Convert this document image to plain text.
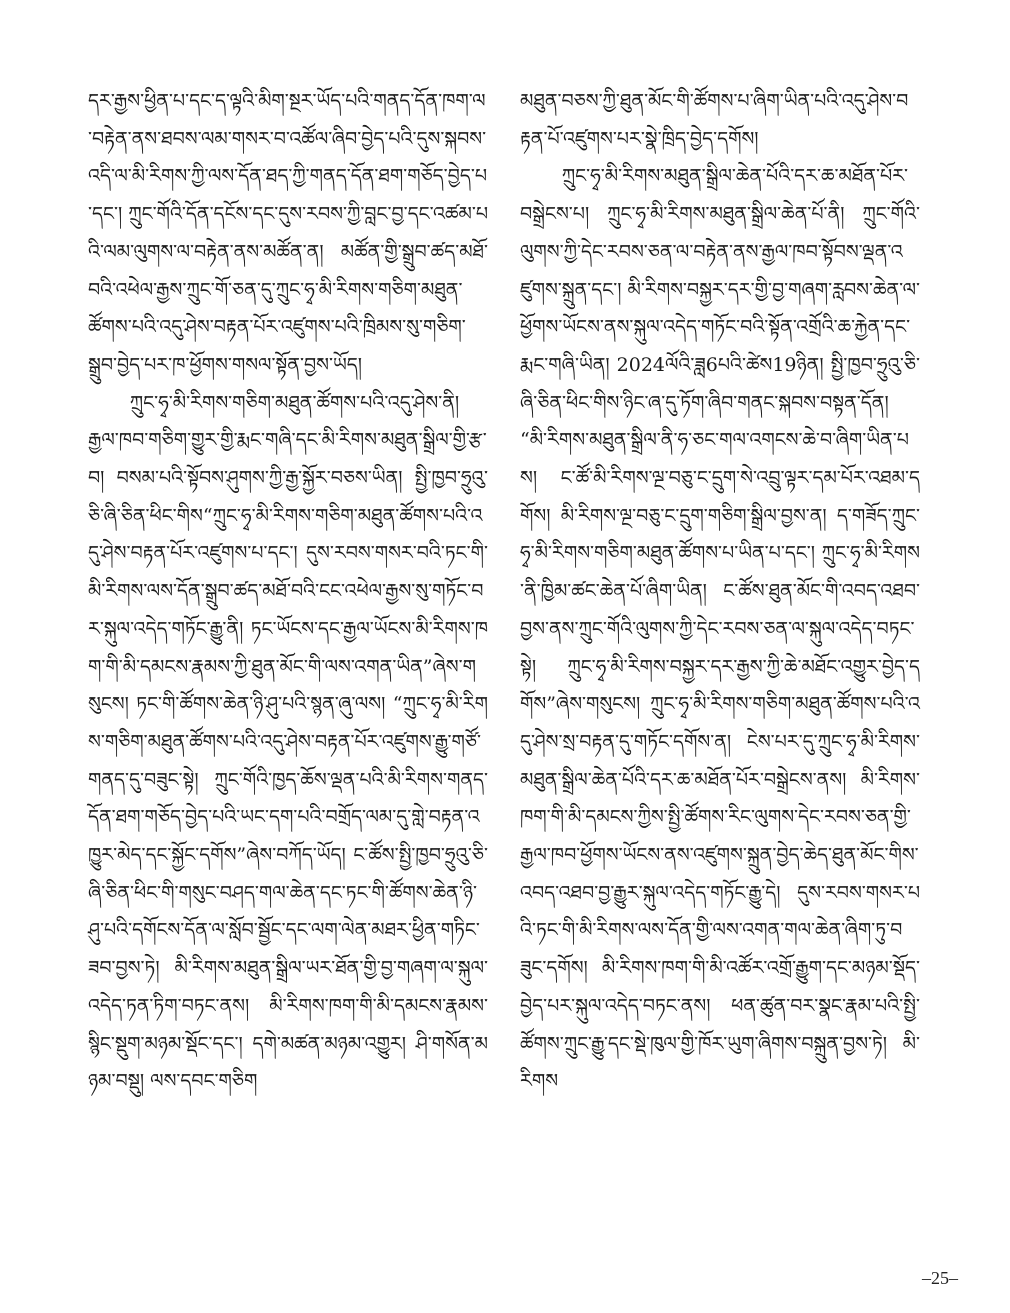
དར་རྒྱས་ཕྱིན་པ་དང་ད་ལྟའི་མིག་སྔར་ཡོད་པའི་གནད་དོན་ཁག་ལ་བརྟེན་ནས་ཐབས་ལམ་གསར་བ་འཚོལ་ཞིབ་བྱེད་པའི་དུས་སྐབས་འདི་ལ་མི་རིགས་ཀྱི་ལས་དོན་ཐད་ཀྱི་གནད་དོན་ཐག་གཅོད་བྱེད་པ་དང་། ཀྲུང་གོའི་དོན་དངོས་དང་དུས་རབས་ཀྱི་བླང་བྱ་དང་འཚམ་པའི་ལམ་ལུགས་ལ་བརྟེན་ནས་མཚོན་ན། མཚོན་གྱི་སྒྲུབ་ཚད་མཐོ་བའི་འཕེལ་རྒྱས་ཀྲུང་གོ་ཅན་དུ་ཀྲུང་ཧྭ་མི་རིགས་གཅིག་མཐུན་ཚོགས་པའི་འདུ་ཤེས་བརྟན་པོར་འཛུགས་པའི་ཁྲིམས་སུ་གཅིག་སྒྲུབ་བྱེད་པར་ཁ་ཕྱོགས་གསལ་སྟོན་བྱས་ཡོད།

ཀྲུང་ཧྭ་མི་རིགས་གཅིག་མཐུན་ཚོགས་པའི་འདུ་ཤེས་ནི། རྒྱལ་ཁབ་གཅིག་གྱུར་གྱི་རྨང་གཞི་དང་མི་རིགས་མཐུན་སྒྲིལ་གྱི་རྩ་བ། བསམ་པའི་སྟོབས་ཤུགས་ཀྱི་རྒྱ་སྐྱོར་བཅས་ཡིན། སྤྱི་ཁྱབ་ཧྲུའུ་ཅི་ཞི་ཅིན་ཕིང་གིས“ཀྲུང་ཧྭ་མི་རིགས་གཅིག་མཐུན་ཚོགས་པའི་འདུ་ཤེས་བརྟན་པོར་འཛུགས་པ་དང་། དུས་རབས་གསར་བའི་ཏང་གི་མི་རིགས་ལས་དོན་སྒྲུབ་ཚད་མཐོ་བའི་ངང་འཕེལ་རྒྱས་སུ་གཏོང་བར་སྐུལ་འདེད་གཏོང་རྒྱུ་ནི། ཏང་ཡོངས་དང་རྒྱལ་ཡོངས་མི་རིགས་ཁག་གི་མི་དམངས་རྣམས་ཀྱི་ཐུན་མོང་གི་ལས་འགན་ཡིན”ཞེས་གསུངས། ཏང་གི་ཚོགས་ཆེན་ཉི་ཤུ་པའི་སྙན་ཞུ་ལས། “ཀྲུང་ཧྭ་མི་རིགས་གཅིག་མཐུན་ཚོགས་པའི་འདུ་ཤེས་བརྟན་པོར་འཛུགས་རྒྱུ་གཙོ་གནད་དུ་བཟུང་སྟེ། ཀྲུང་གོའི་ཁྱད་ཆོས་ལྡན་པའི་མི་རིགས་གནད་དོན་ཐག་གཅོད་བྱེད་པའི་ཡང་དག་པའི་བགྲོད་ལམ་དུ་གླེ་བརྟན་འཁྱུར་མེད་དང་སྐྱོང་དགོས”ཞེས་བཀོད་ཡོད། ང་ཚོས་སྤྱི་ཁྱབ་ཧྲུའུ་ཅི་ཞི་ཅིན་ཕིང་གི་གསུང་བཤད་གལ་ཆེན་དང་ཏང་གི་ཚོགས་ཆེན་ཉི་ཤུ་པའི་དགོངས་དོན་ལ་སློབ་སྦྱོང་དང་ལག་ལེན་མཐར་ཕྱིན་གཏིང་ཟབ་བྱས་ཏེ། མི་རིགས་མཐུན་སྒྲིལ་ཡར་ཐོན་གྱི་བྱ་གཞག་ལ་སྐུལ་འདེད་ཏན་ཏིག་བཏང་ནས། མི་རིགས་ཁག་གི་མི་དམངས་རྣམས་སྙིང་སྡུག་མཉམ་སྡོང་དང་། དགེ་མཚན་མཉམ་འགྱུར། ཤི་གསོན་མཉམ་བསྡུ། ལས་དབང་གཅིག

མཐུན་བཅས་ཀྱི་ཐུན་མོང་གི་ཚོགས་པ་ཞིག་ཡིན་པའི་འདུ་ཤེས་བརྟན་པོ་འཛུགས་པར་སྣེ་ཁྲིད་བྱེད་དགོས།

ཀྲུང་ཧྭ་མི་རིགས་མཐུན་སྒྲིལ་ཆེན་པོའི་དར་ཆ་མཐོན་པོར་བསྒྲེངས་པ། ཀྲུང་ཧྭ་མི་རིགས་མཐུན་སྒྲིལ་ཆེན་པོ་ནི། ཀྲུང་གོའི་ལུགས་ཀྱི་དེང་རབས་ཅན་ལ་བརྟེན་ནས་རྒྱལ་ཁབ་སྟོབས་ལྡན་འཛུགས་སྐྲུན་དང་། མི་རིགས་བསྐྱར་དར་གྱི་བྱ་གཞག་རླབས་ཆེན་ལ་ཕྱོགས་ཡོངས་ནས་སྐུལ་འདེད་གཏོང་བའི་སྟོན་འགྲོའི་ཆ་རྐྱེན་དང་རྨང་གཞི་ཡིན། 2024ལོའི་ཟླ6པའི་ཚེས19ཉིན། སྤྱི་ཁྱབ་ཧྲུའུ་ཅི་ཞི་ཅིན་ཕིང་གིས་ཉིང་ཞ་དུ་ཏོག་ཞིབ་གནང་སྐབས་བསྟན་དོན། “མི་རིགས་མཐུན་སྒྲིལ་ནི་ཧ་ཅང་གལ་འགངས་ཆེ་བ་ཞིག་ཡིན་པས། ང་ཚོ་མི་རིགས་ལྔ་བཅུ་ང་དྲུག་སེ་འབྲུ་ལྟར་དམ་པོར་འཐམ་དགོས། མི་རིགས་ལྔ་བཅུ་ང་དྲུག་གཅིག་སྒྲིལ་བྱས་ན། ད་གཟོད་ཀྲུང་ཧྭ་མི་རིགས་གཅིག་མཐུན་ཚོགས་པ་ཡིན་པ་དང་། ཀྲུང་ཧྭ་མི་རིགས་ནི་ཁྱིམ་ཚང་ཆེན་པོ་ཞིག་ཡིན། ང་ཚོས་ཐུན་མོང་གི་འབད་འཐབ་བྱས་ནས་ཀྲུང་གོའི་ལུགས་ཀྱི་དེང་རབས་ཅན་ལ་སྐུལ་འདེད་བཏང་སྟེ། ཀྲུང་ཧྭ་མི་རིགས་བསྐྱར་དར་རྒྱས་ཀྱི་ཆེ་མཐོང་འགྱུར་བྱེད་དགོས”ཞེས་གསུངས། ཀྲུང་ཧྭ་མི་རིགས་གཅིག་མཐུན་ཚོགས་པའི་འདུ་ཤེས་སྲ་བརྟན་དུ་གཏོང་དགོས་ན། ངེས་པར་དུ་ཀྲུང་ཧྭ་མི་རིགས་མཐུན་སྒྲིལ་ཆེན་པོའི་དར་ཆ་མཐོན་པོར་བསྒྲེངས་ནས། མི་རིགས་ཁག་གི་མི་དམངས་ཀྱིས་སྤྱི་ཚོགས་རིང་ལུགས་དེང་རབས་ཅན་གྱི་རྒྱལ་ཁབ་ཕྱོགས་ཡོངས་ནས་འཛུགས་སྐྲུན་བྱེད་ཆེད་ཐུན་མོང་གིས་འབད་འཐབ་བྱ་རྒྱུར་སྐུལ་འདེད་གཏོང་རྒྱུ་དེ། དུས་རབས་གསར་པའི་ཏང་གི་མི་རིགས་ལས་དོན་གྱི་ལས་འགན་གལ་ཆེན་ཞིག་ཏུ་བཟུང་དགོས། མི་རིགས་ཁག་གི་མི་འཚོར་འགྲོ་རྒྱུག་དང་མཉམ་སྡོད་བྱེད་པར་སྐུལ་འདེད་བཏང་ནས། ཕན་ཚུན་བར་སྣང་རྣམ་པའི་སྤྱི་ཚོགས་ཀྲུང་རྒྱུ་དང་སྡེ་ཁུལ་གྱི་ཁོར་ཡུག་ཞིགས་བསྐྲུན་བྱས་ཏེ། མི་རིགས

–25–
